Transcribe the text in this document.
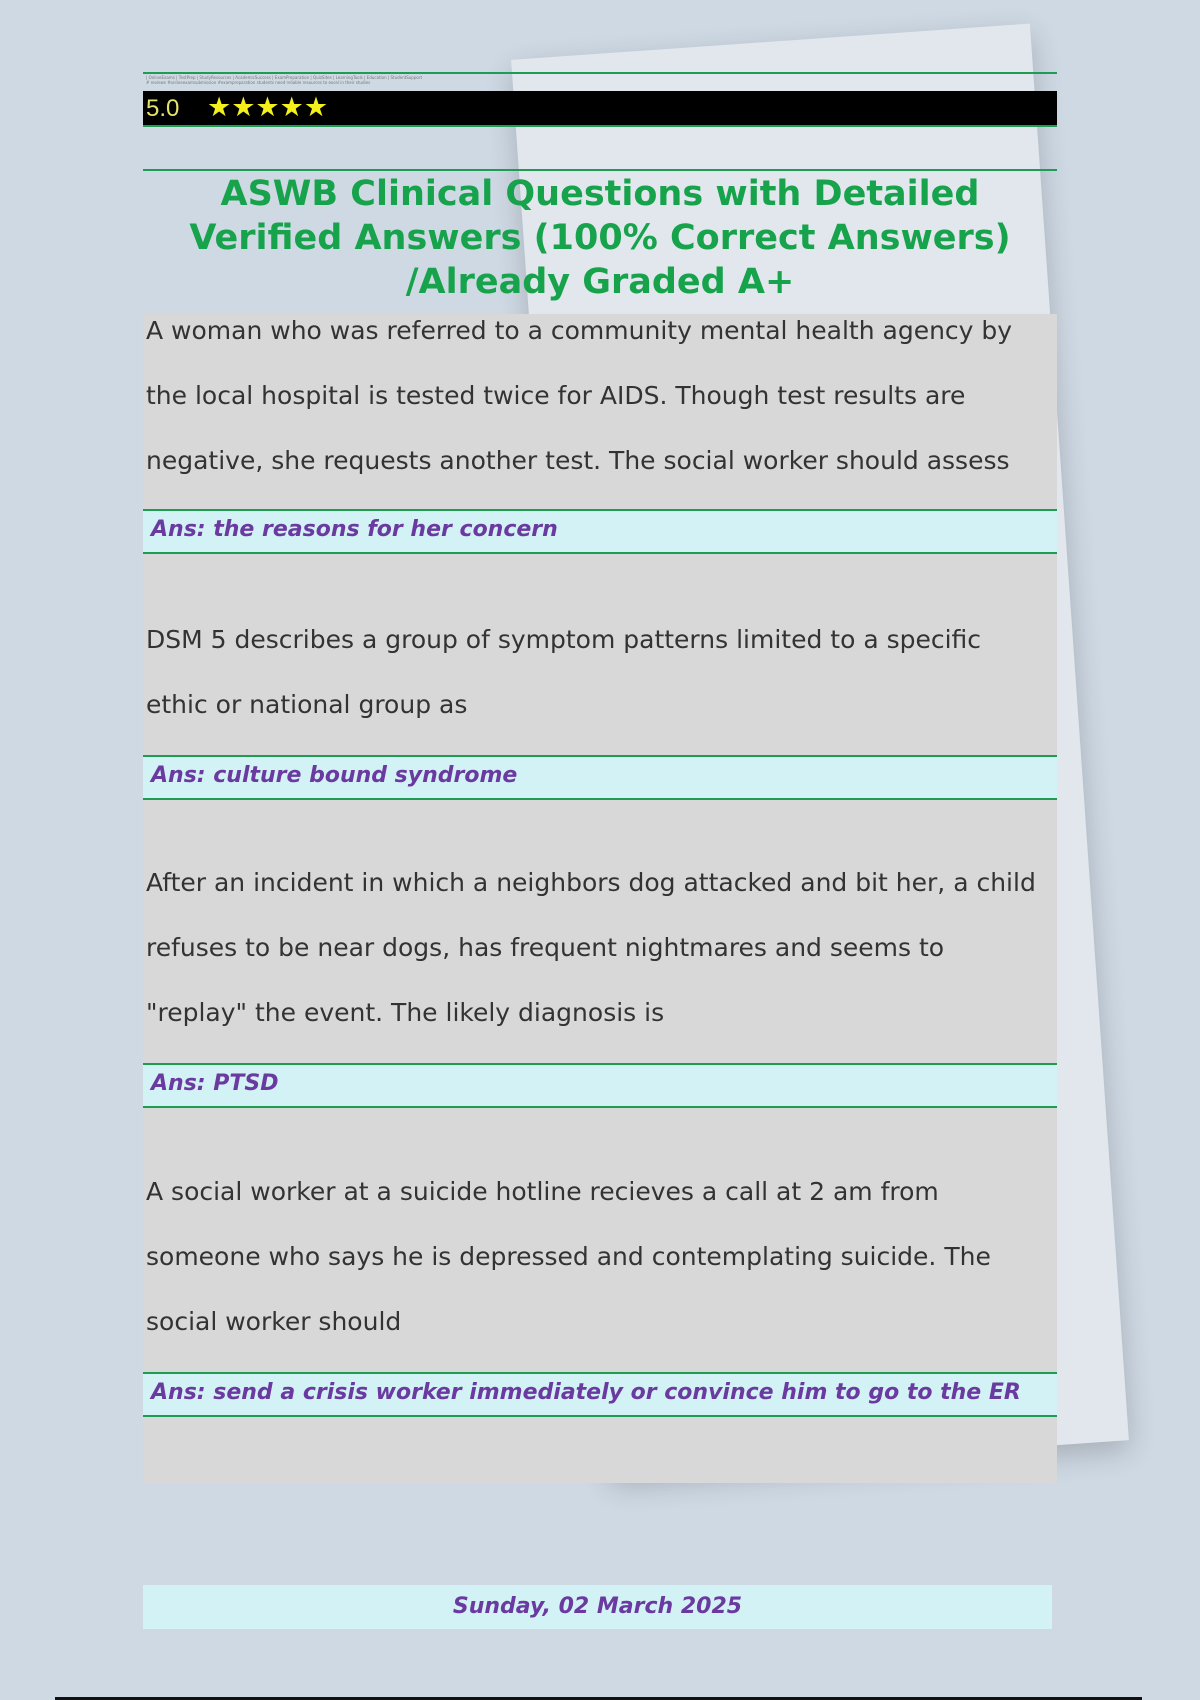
| OnlineExams | TestPrep | StudyResources | AcademicSuccess | ExamPreparation | QuizSites | LearningTools | Education | StudentSupport
# reviews #onlineexamsubmission #exampreparation students need reliable resources to excel in their studies
5.0 ★★★★★
ASWB Clinical Questions with Detailed Verified Answers (100% Correct Answers) /Already Graded A+
A woman who was referred to a community mental health agency by the local hospital is tested twice for AIDS. Though test results are negative, she requests another test. The social worker should assess
Ans: the reasons for her concern
DSM 5 describes a group of symptom patterns limited to a specific ethic or national group as
Ans: culture bound syndrome
After an incident in which a neighbors dog attacked and bit her, a child refuses to be near dogs, has frequent nightmares and seems to "replay" the event. The likely diagnosis is
Ans: PTSD
A social worker at a suicide hotline recieves a call at 2 am from someone who says he is depressed and contemplating suicide. The social worker should
Ans: send a crisis worker immediately or convince him to go to the ER
Sunday, 02 March 2025
